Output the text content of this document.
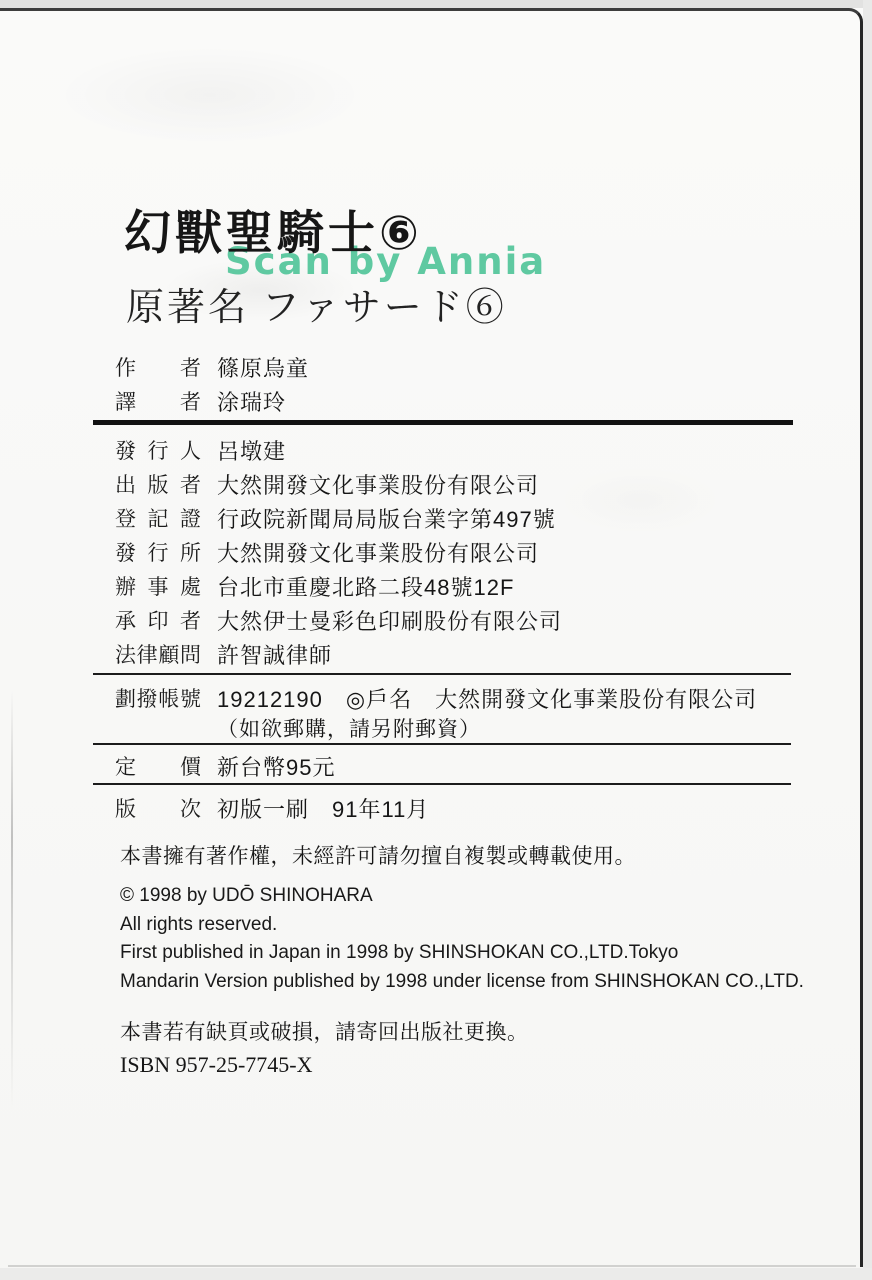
Scan by Annia
幻獸聖騎士⑥
原著名 ファサード⑥
作者 篠原烏童
譯者 涂瑞玲
發行人 呂墩建
出版者 大然開發文化事業股份有限公司
登記證 行政院新聞局局版台業字第497號
發行所 大然開發文化事業股份有限公司
辦事處 台北市重慶北路二段48號12F
承印者 大然伊士曼彩色印刷股份有限公司
法律顧問 許智誠律師
劃撥帳號 19212190　◎戶名　大然開發文化事業股份有限公司
（如欲郵購，請另附郵資）
定價 新台幣95元
版次 初版一刷　91年11月
本書擁有著作權，未經許可請勿擅自複製或轉載使用。
© 1998 by UDŌ SHINOHARA
All rights reserved.
First published in Japan in 1998 by SHINSHOKAN CO.,LTD.Tokyo
Mandarin Version published by 1998 under license from SHINSHOKAN CO.,LTD.
本書若有缺頁或破損，請寄回出版社更換。
ISBN 957-25-7745-X
